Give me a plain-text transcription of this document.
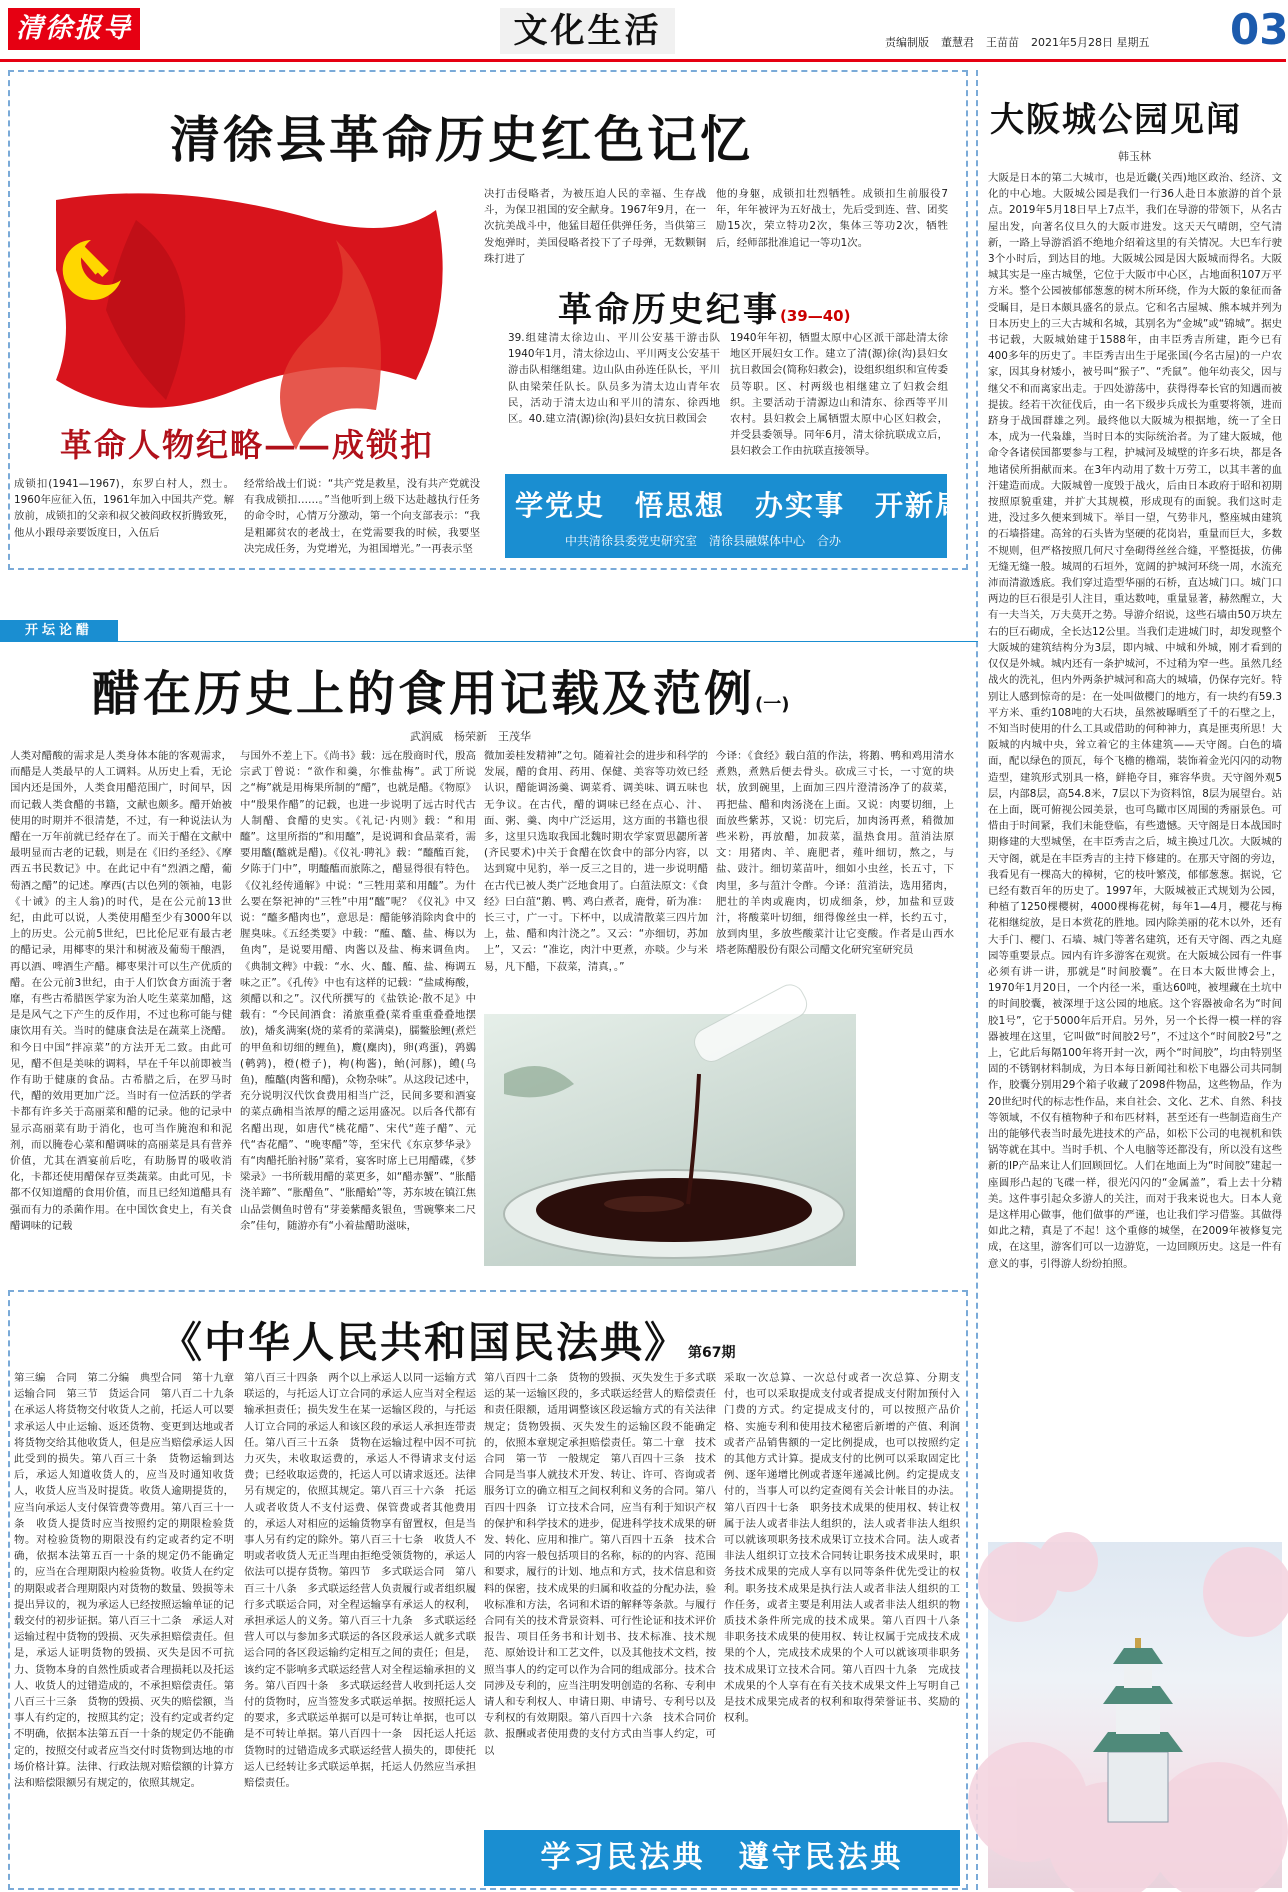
清徐报导	文化生活	责编制版 董慧君 王苗苗 2021年5月28日 星期五 03
清徐县革命历史红色记忆
革命人物纪略——成锁扣
成锁扣(1941—1967)，东罗白村人，烈士。1960年应征入伍，1961年加入中国共产党。解放前，成锁扣的父亲和叔父被阎政权折腾致死，他从小跟母亲要饭度日，入伍后
经常给战士们说：“共产党是救星，没有共产党就没有我成锁扣……。”当他听到上级下达赴越执行任务的命令时，心情万分激动，第一个向支部表示：“我是粗鄙贫农的老战士，在党需要我的时候，我要坚决完成任务，为党增光，为祖国增光。”一再表示坚
决打击侵略者，为被压迫人民的幸福、生存战斗，为保卫祖国的安全献身。1967年9月，在一次抗美战斗中，他猛目超任供弹任务，当供第三发炮弹时，美国侵略者投下了子母弹，无数颗铜珠打进了
他的身躯，成锁扣壮烈牺牲。成锁扣生前服役7年，年年被评为五好战士，先后受到连、营、团奖励15次，荣立特功2次，集体三等功2次，牺牲后，经师部批准追记一等功1次。
革命历史纪事(39—40)
39.组建清太徐边山、平川公安基干游击队　1940年1月，清太徐边山、平川两支公安基干游击队相继组建。边山队由孙连任队长，平川队由梁荣任队长。队员多为清太边山青年农民，活动于清太边山和平川的清东、徐西地区。40.建立清(源)徐(沟)县妇女抗日救国会
1940年年初，牺盟太原中心区派干部赴清太徐地区开展妇女工作。建立了清(源)徐(沟)县妇女抗日救国会(简称妇救会)，设组织组织和宣传委员等职。区、村两级也相继建立了妇救会组织。主要活动于清源边山和清东、徐西等平川农村。县妇救会上属牺盟太原中心区妇救会，并受县委领导。同年6月，清太徐抗联成立后，县妇救会工作由抗联直接领导。
学党史　悟思想　办实事　开新局
中共清徐县委党史研究室　清徐县融媒体中心　合办
开坛论醋
醋在历史上的食用记载及范例(一)
武润威　杨荣新　王茂华
人类对醋酸的需求是人类身体本能的客观需求，而醋是人类最早的人工调料。从历史上看，无论国内还是国外，人类食用醋范围广，时间早，因而记载人类食醋的书籍，文献也颇多。醋开始被使用的时期并不很清楚，不过，有一种说法认为醋在一万年前就已经存在了。而关于醋在文献中最明显而古老的记载，则是在《旧约圣经》、《摩西五书民数记》中。在此记中有“烈酒之醋，葡萄酒之醋”的记述。摩西(古以色列的领袖，电影《十诫》的主人翁)的时代，是在公元前13世纪，由此可以说，人类使用醋至少有3000年以上的历史。公元前5世纪，巴比伦尼亚有最古老的醋记录，用椰枣的果汁和树液及葡萄干酿酒，再以酒、啤酒生产醋。椰枣果汁可以生产优质的醋。在公元前3世纪，由于人们饮食方面流于奢靡，有些古希腊医学家为治人吃生菜菜加醋，这是是风气之下产生的反作用，不过也称可能与健康饮用有关。当时的健康食法是在蔬菜上浇醋。和今日中国“拌凉菜”的方法开无二致。由此可见，醋不但是美味的调料，早在千年以前即被当作有助于健康的食品。古希腊之后，在罗马时代，醋的效用更加广泛。当时有一位活跃的学者卡都有许多关于高丽菜和醋的记录。他的记录中显示高丽菜有助于消化，也可当作腌泡和和泥剂，而以腌卷心菜和醋调味的高丽菜是具有营养价值，尤其在酒宴前后吃，有助肠胃的吸收消化，卡都还使用醋保存豆类蔬菜。由此可见，卡都不仅知道醋的食用价值，而且已经知道醋具有强而有力的杀菌作用。在中国饮食史上，有关食醋调味的记载
与国外不差上下。《尚书》载：远在殷商时代，殷高宗武丁曾说：“欲作和羹，尔惟盐梅”。武丁所说之“梅”就是用梅果所制的“醋”，也就是醋。《物原》中“殷果作醋”的记载，也进一步说明了远古时代古人制醋、食醋的史实。《礼记·内则》载：“和用醯”。这里所指的“和用醯”，是说调和食品菜肴，需要用醯(醯就是醋)。《仪礼·聘礼》载：“醯醢百瓮，夕陈于门中”，明醯醢而旅陈之，醋显得很有特色。《仪礼经传通解》中说：“三牲用菜和用醯”。为什么要在祭祀神的“三牲”中用“醯”呢？《仪礼》中又说：“醯多醋肉也”，意思是：醋能够消除肉食中的腥臭味。《五经类要》中载：“醢、醯、盐、梅以为鱼肉”，是说要用醋、肉酱以及盐、梅来调鱼肉。《典制文稗》中载：“水、火、醯、醢、盐、梅调五味之正”。《孔传》中也有这样的记载：“盐咸梅酸，须醋以和之”。汉代所撰写的《盐铁论·散不足》中载有：“今民间酒食：淆旅重叠(菜肴重重叠叠地摆放)，燔炙满案(烧的菜肴的菜满桌)，臑鳖脍鲤(煮烂的甲鱼和切细的鲤鱼)，麑(麋肉)，卵(鸡蛋)，鹑鷃(鹌鹑)，橙(橙子)，枸(枸酱)，鲐(河豚)，鳢(乌鱼)，醢醯(肉酱和醋)，众物杂味”。从这段记述中，充分说明汉代饮食费用相当广泛，民间多要和酒宴的菜点确相当浓厚的醋之运用盛况。以后各代都有名醋出现，如唐代“桃花醋”、宋代“莲子醋”、元代“杏花醋”、“晚枣醋”等，至宋代《东京梦华录》有“肉醋托胎衬肠”菜肴，宴客时席上已用醋碟，《梦梁录》一书所载用醋的菜更多，如“醋赤蟹”、“胀醋浇羊蹄”、“胀醋鱼”、“胀醋蛤”等，苏东坡在镇江焦山品尝侧鱼时曾有“芽姜紫醋炙银鱼，雪碗擎来二尺余”佳句，随游亦有“小着盐醋助滋味，
微加姜桂发精神”之句。随着社会的进步和科学的发展，醋的食用、药用、保健、美容等功效已经认识，醋能调汤羹、调菜肴、调美味、调五味也无争议。在古代，醋的调味已经在点心、汁、面、粥、羹、肉中广泛运用，这方面的书籍也很多，这里只选取我国北魏时期农学家贾思勰所著(齐民要术)中关于食醋在饮食中的部分内容，以达到窥中见豹，举一反三之目的，进一步说明醋在古代已被人类广泛地食用了。白菹法原文：《食经》曰白菹“鹅、鸭、鸡白煮者，鹿骨，斫为准：长三寸，广一寸。下杯中，以成清散菜三四片加上，盐、醋和肉汁浇之”。又云：“亦细切，苏加上”，又云：“准讫，肉汁中更煮，亦啖。少与米易，凡下醋，下菽菜，清真，。”
今译：《食经》载白菹的作法，将鹅、鸭和鸡用清水煮熟，煮熟后便去骨头。砍成三寸长，一寸宽的块状，放到碗里，上面加三四片澄清汤净了的菽菜，再把盐、醋和肉汤浇在上面。又说：肉要切细，上面放些紫苏，又说：切完后，加肉汤再煮，稍微加些米粉，再放醋，加菽菜，温热食用。菹消法原文：用猪肉、羊、鹿肥者，薤叶细切，熬之，与盐、豉汁。细切菜苗叶，细如小虫丝，长五寸，下肉里，多与菹汁令酢。今译：菹消法，选用猪肉，肥壮的羊肉或鹿肉，切成细条，炒，加盐和豆豉汁，将酸菜叶切细，细得像丝虫一样，长约五寸，放到肉里，多放些酸菜汁让它变酸。作者是山西水塔老陈醋股份有限公司醋文化研究室研究员
《中华人民共和国民法典》第67期
第三编　合同　第二分编　典型合同　第十九章　运输合同　第三节　货运合同　第八百二十九条　在承运人将货物交付收货人之前，托运人可以要求承运人中止运输、返还货物、变更到达地或者将货物交给其他收货人，但是应当赔偿承运人因此受到的损失。第八百三十条　货物运输到达后，承运人知道收货人的，应当及时通知收货人，收货人应当及时提货。收货人逾期提货的，应当向承运人支付保管费等费用。第八百三十一条　收货人提货时应当按照约定的期限检验货物。对检验货物的期限没有约定或者约定不明确，依据本法第五百一十条的规定仍不能确定的，应当在合理期限内检验货物。收货人在约定的期限或者合理期限内对货物的数量、毁损等未提出异议的，视为承运人已经按照运输单证的记载交付的初步证据。第八百三十二条　承运人对运输过程中货物的毁损、灭失承担赔偿责任。但是，承运人证明货物的毁损、灭失是因不可抗力、货物本身的自然性质或者合理损耗以及托运人、收货人的过错造成的，不承担赔偿责任。第八百三十三条　货物的毁损、灭失的赔偿额，当事人有约定的，按照其约定；没有约定或者约定不明确，依据本法第五百一十条的规定仍不能确定的，按照交付或者应当交付时货物到达地的市场价格计算。法律、行政法规对赔偿额的计算方法和赔偿限额另有规定的，依照其规定。
第八百三十四条　两个以上承运人以同一运输方式联运的，与托运人订立合同的承运人应当对全程运输承担责任；损失发生在某一运输区段的，与托运人订立合同的承运人和该区段的承运人承担连带责任。第八百三十五条　货物在运输过程中因不可抗力灭失，未收取运费的，承运人不得请求支付运费；已经收取运费的，托运人可以请求返还。法律另有规定的，依照其规定。第八百三十六条　托运人或者收货人不支付运费、保管费或者其他费用的，承运人对相应的运输货物享有留置权，但是当事人另有约定的除外。第八百三十七条　收货人不明或者收货人无正当理由拒绝受领货物的，承运人依法可以提存货物。第四节　多式联运合同　第八百三十八条　多式联运经营人负责履行或者组织履行多式联运合同，对全程运输享有承运人的权利，承担承运人的义务。第八百三十九条　多式联运经营人可以与参加多式联运的各区段承运人就多式联运合同的各区段运输约定相互之间的责任；但是，该约定不影响多式联运经营人对全程运输承担的义务。第八百四十条　多式联运经营人收到托运人交付的货物时，应当签发多式联运单据。按照托运人的要求，多式联运单据可以是可转让单据，也可以是不可转让单据。第八百四十一条　因托运人托运货物时的过错造成多式联运经营人损失的，即使托运人已经转让多式联运单据，托运人仍然应当承担赔偿责任。
第八百四十二条　货物的毁损、灭失发生于多式联运的某一运输区段的，多式联运经营人的赔偿责任和责任限额，适用调整该区段运输方式的有关法律规定；货物毁损、灭失发生的运输区段不能确定的，依照本章规定承担赔偿责任。第二十章　技术合同　第一节　一般规定　第八百四十三条　技术合同是当事人就技术开发、转让、许可、咨询或者服务订立的确立相互之间权利和义务的合同。第八百四十四条　订立技术合同，应当有利于知识产权的保护和科学技术的进步，促进科学技术成果的研发、转化、应用和推广。第八百四十五条　技术合同的内容一般包括项目的名称，标的的内容、范围和要求，履行的计划、地点和方式，技术信息和资料的保密，技术成果的归属和收益的分配办法，验收标准和方法，名词和术语的解释等条款。与履行合同有关的技术背景资料、可行性论证和技术评价报告、项目任务书和计划书、技术标准、技术规范、原始设计和工艺文件，以及其他技术文档，按照当事人的约定可以作为合同的组成部分。技术合同涉及专利的，应当注明发明创造的名称、专利申请人和专利权人、申请日期、申请号、专利号以及专利权的有效期限。第八百四十六条　技术合同价款、报酬或者使用费的支付方式由当事人约定，可以
采取一次总算、一次总付或者一次总算、分期支付，也可以采取提成支付或者提成支付附加预付入门费的方式。约定提成支付的，可以按照产品价格、实施专利和使用技术秘密后新增的产值、利润或者产品销售额的一定比例提成，也可以按照约定的其他方式计算。提成支付的比例可以采取固定比例、逐年递增比例或者逐年递减比例。约定提成支付的，当事人可以约定查阅有关会计帐目的办法。第八百四十七条　职务技术成果的使用权、转让权属于法人或者非法人组织的，法人或者非法人组织可以就该项职务技术成果订立技术合同。法人或者非法人组织订立技术合同转让职务技术成果时，职务技术成果的完成人享有以同等条件优先受让的权利。职务技术成果是执行法人或者非法人组织的工作任务，或者主要是利用法人或者非法人组织的物质技术条件所完成的技术成果。第八百四十八条　非职务技术成果的使用权、转让权属于完成技术成果的个人，完成技术成果的个人可以就该项非职务技术成果订立技术合同。第八百四十九条　完成技术成果的个人享有在有关技术成果文件上写明自己是技术成果完成者的权利和取得荣誉证书、奖励的权利。
学习民法典　遵守民法典
大阪城公园见闻
韩玉林
大阪是日本的第二大城市，也是近畿(关西)地区政治、经济、文化的中心地。大阪城公园是我们一行36人赴日本旅游的首个景点。2019年5月18日早上7点半，我们在导游的带领下，从名古屋出发，向著名仪旦久的大阪市进发。这天天气晴朗，空气清新，一路上导游滔滔不绝地介绍着这里的有关情况。大巴车行驶3个小时后，到达目的地。大阪城公园是因大阪城而得名。大阪城其实是一座古城堡，它位于大阪市中心区，占地面积107万平方米。整个公园被郁郁葱葱的树木所环绕，作为大阪的象征而备受瞩目，是日本颇具盛名的景点。它和名古屋城、熊本城并列为日本历史上的三大古城和名城，其别名为“金城”或“锦城”。据史书记载，大阪城始建于1588年，由丰臣秀吉所建，距今已有400多年的历史了。丰臣秀吉出生于尾张国(今名古屋)的一户农家，因其身材矮小，被号叫“猴子”、“秃鼠”。他年幼丧父，因与继父不和而离家出走。于四处游荡中，获得得奉长官的知遇而被提拔。经若干次征伐后，由一名下级步兵成长为重要将领，进而跻身于战国群雄之列。最终他以大阪城为根据地，统一了全日本，成为一代枭雄，当时日本的实际统治者。为了建大阪城，他命令各诸侯国都要参与工程，护城河及城壁的许多石块，都是各地诸侯所捐献而来。在3年内动用了数十万劳工，以其丰著的血汗建造而成。大阪城曾一度毁于战火，后由日本政府于昭和初期按照原貌重建，并扩大其规模，形成现有的面貌。我们这时走进，没过多久便来到城下。举目一望，气势非凡，整座城由建筑的石墙搭建。高耸的石头皆为坚硬的花岗岩，重量而巨大，多数不规则，但严格按照几何尺寸垒砌得丝丝合缝，平整挺拔，仿佛无缝无缝一般。城周的石垣外，宽阔的护城河环绕一周，水流充沛而清澈透底。我们穿过造型华丽的石桥，直达城门口。城门口两边的巨石很是引人注目，重达数吨，重量显著，赫然醒立，大有一夫当关，万夫莫开之势。导游介绍说，这些石墙由50万块左右的巨石砌成，全长达12公里。当我们走进城门时，却发现整个大阪城的建筑结构分为3层，即内城、中城和外城，刚才看到的仅仅是外城。城内还有一条护城河，不过稍为窄一些。虽然几经战火的洗礼，但内外两条护城河和高大的城墙，仍保存完好。特别让人感到惊奇的是：在一处叫做樱门的地方，有一块约有59.3平方米、重约108吨的大石块，虽然被曝晒至了千的石壁之上，不知当时使用的什么工具或借助的何种神力，真是匪夷所思！大阪城的内城中央，耸立着它的主体建筑——天守阁。白色的墙面，配以绿色的顶瓦，每个飞檐的檐端，装饰着金光闪闪的动物造型，建筑形式别具一格，鲜艳夺目，雍容华贵。天守阁外观5层，内部8层，高54.8米，7层以下为资料馆，8层为展望台。站在上面，既可俯视公园美景，也可鸟瞰市区周围的秀丽景色。可惜由于时间紧，我们未能登临，有些遗憾。天守阁是日本战国时期修建的大型城堡，在丰臣秀吉之后，城主换过几次。大阪城的天守阁，就是在丰臣秀吉的主持下修建的。在那天守阁的旁边，我看见有一棵高大的樟树，它的枝叶繁茂，郁郁葱葱。据说，它已经有数百年的历史了。1997年，大阪城被正式规划为公园，种植了1250棵樱树，4000棵梅花树，每年1—4月，樱花与梅花相继绽放，是日本赏花的胜地。园内除美丽的花木以外，还有大手门、樱门、石墙、城门等著名建筑，还有天守阁、西之丸庭园等重要景点。园内有许多游客在观赏。在大阪城公园有一件事必须有讲一讲，那就是“时间胶囊”。在日本大阪世博会上，1970年1月20日，一个内径一米，重达60吨，被埋藏在土坑中的时间胶囊，被深埋于这公园的地底。这个容器被命名为“时间胶1号”，它于5000年后开启。另外，另一个长得一模一样的容器被埋在这里，它叫做“时间胶2号”，不过这个“时间胶2号”之上，它此后每隔100年将开封一次，两个“时间胶”，均由特别坚固的不锈钢材料制成，为日本每日新闻社和松下电器公司共同制作，胶囊分别用29个箱子收藏了2098件物品，这些物品，作为20世纪时代的标志性作品，来自社会、文化、艺术、自然、科技等领域，不仅有植物种子和布匹材料，甚至还有一些制造商生产出的能够代表当时最先进技术的产品，如松下公司的电视机和铁锅等就在其中。当时手机、个人电脑等还都没有，所以没有这些新的IP产品来让人们回顾回忆。人们在地面上为“时间胶”建起一座圆形凸起的飞碟一样，很光闪闪的“金属盖”，看上去十分精美。这件事引起众多游人的关注，而对于我来说也大。日本人竟是这样用心做事，他们做事的严谨，也让我们学习借鉴。其做得如此之精，真是了不起！这个重修的城堡，在2009年被修复完成，在这里，游客们可以一边游览，一边回顾历史。这是一件有意义的事，引得游人纷纷拍照。
